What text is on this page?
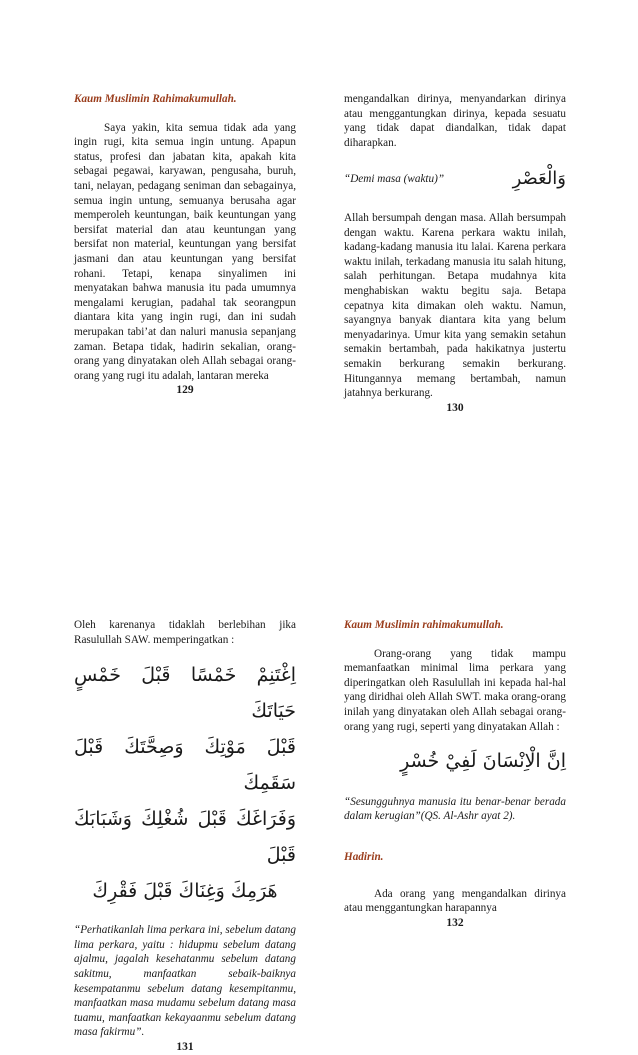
Kaum Muslimin Rahimakumullah.

Saya yakin, kita semua tidak ada yang ingin rugi, kita semua ingin untung. Apapun status, profesi dan jabatan kita, apakah kita sebagai pegawai, karyawan, pengusaha, buruh, tani, nelayan, pedagang seniman dan sebagainya, semua ingin untung, semuanya berusaha agar memperoleh keuntungan, baik keuntungan yang bersifat material dan atau keuntungan yang bersifat non material, keuntungan yang bersifat jasmani dan atau keuntungan yang bersifat rohani. Tetapi, kenapa sinyalimen ini menyatakan bahwa manusia itu pada umumnya mengalami kerugian, padahal tak seorangpun diantara kita yang ingin rugi, dan ini sudah merupakan tabi’at dan naluri manusia sepanjang zaman. Betapa tidak, hadirin sekalian, orang-orang yang dinyatakan oleh Allah sebagai orang-orang yang rugi itu adalah, lantaran mereka

129

mengandalkan dirinya, menyandarkan dirinya atau menggantungkan dirinya, kepada sesuatu yang tidak dapat diandalkan, tidak dapat diharapkan.

“Demi masa (waktu)”	وَالْعَصْرِ

Allah bersumpah dengan masa. Allah bersumpah dengan waktu. Karena perkara waktu inilah, kadang-kadang manusia itu lalai. Karena perkara waktu inilah, terkadang manusia itu salah hitung, salah perhitungan. Betapa mudahnya kita menghabiskan waktu begitu saja. Betapa cepatnya kita dimakan oleh waktu. Namun, sayangnya banyak diantara kita yang belum menyadarinya. Umur kita yang semakin setahun semakin bertambah, pada hakikatnya justertu semakin berkurang semakin berkurang. Hitungannya memang bertambah, namun jatahnya berkurang.

130

Oleh karenanya tidaklah berlebihan jika Rasulullah SAW. memperingatkan :

اِغْتَنِمْ خَمْسًا قَبْلَ خَمْسٍ حَيَاتَكَ
قَبْلَ مَوْتِكَ وَصِحَّتَكَ قَبْلَ سَقَمِكَ
وَفَرَاغَكَ قَبْلَ شُغْلِكَ وَشَبَابَكَ قَبْلَ
هَرَمِكَ وَغِنَاكَ قَبْلَ فَقْرِكَ

“Perhatikanlah lima perkara ini, sebelum datang lima perkara, yaitu : hidupmu sebelum datang ajalmu, jagalah kesehatanmu sebelum datang sakitmu, manfaatkan sebaik-baiknya kesempatanmu sebelum datang kesempitanmu, manfaatkan masa mudamu sebelum datang masa tuamu, manfaatkan kekayaanmu sebelum datang masa fakirmu”.

131

Kaum Muslimin rahimakumullah.

Orang-orang yang tidak mampu memanfaatkan minimal lima perkara yang diperingatkan oleh Rasulullah ini kepada hal-hal yang diridhai oleh Allah SWT. maka orang-orang inilah yang dinyatakan oleh Allah sebagai orang-orang yang rugi, seperti yang dinyatakan Allah :

اِنَّ الْاِنْسَانَ لَفِيْ خُسْرٍ

“Sesungguhnya manusia itu benar-benar berada dalam kerugian”(QS. Al-Ashr ayat 2).

Hadirin.

Ada orang yang mengandalkan dirinya atau menggantungkan harapannya

132
